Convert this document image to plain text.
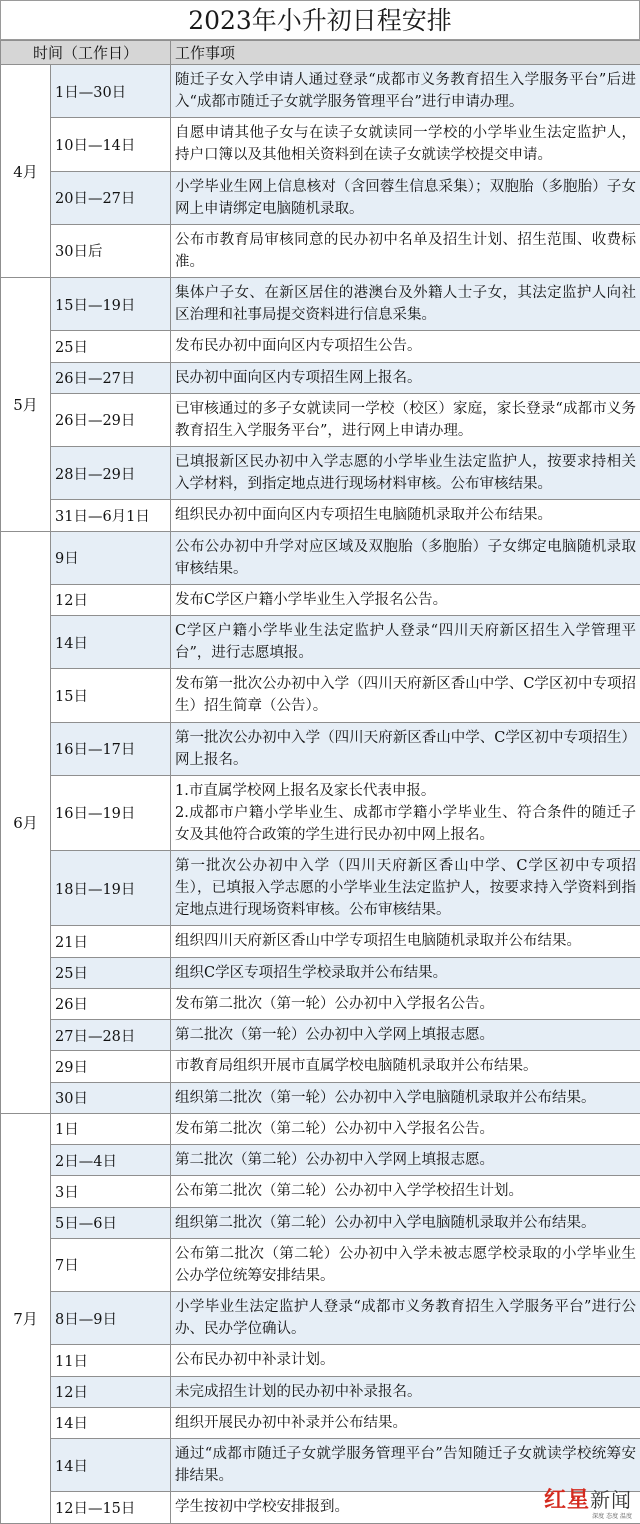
2023年小升初日程安排
时间（工作日）		工作事项
4月	1日—30日	随迁子女入学申请人通过登录“成都市义务教育招生入学服务平台”后进入“成都市随迁子女就学服务管理平台”进行申请办理。
	10日—14日	自愿申请其他子女与在读子女就读同一学校的小学毕业生法定监护人，持户口簿以及其他相关资料到在读子女就读学校提交申请。
	20日—27日	小学毕业生网上信息核对（含回蓉生信息采集）；双胞胎（多胞胎）子女网上申请绑定电脑随机录取。
	30日后	公布市教育局审核同意的民办初中名单及招生计划、招生范围、收费标准。
5月	15日—19日	集体户子女、在新区居住的港澳台及外籍人士子女，其法定监护人向社区治理和社事局提交资料进行信息采集。
	25日	发布民办初中面向区内专项招生公告。
	26日—27日	民办初中面向区内专项招生网上报名。
	26日—29日	已审核通过的多子女就读同一学校（校区）家庭，家长登录“成都市义务教育招生入学服务平台”，进行网上申请办理。
	28日—29日	已填报新区民办初中入学志愿的小学毕业生法定监护人，按要求持相关入学材料，到指定地点进行现场材料审核。公布审核结果。
	31日—6月1日	组织民办初中面向区内专项招生电脑随机录取并公布结果。
6月	9日	公布公办初中升学对应区域及双胞胎（多胞胎）子女绑定电脑随机录取审核结果。
	12日	发布C学区户籍小学毕业生入学报名公告。
	14日	C学区户籍小学毕业生法定监护人登录“四川天府新区招生入学管理平台”，进行志愿填报。
	15日	发布第一批次公办初中入学（四川天府新区香山中学、C学区初中专项招生）招生简章（公告）。
	16日—17日	第一批次公办初中入学（四川天府新区香山中学、C学区初中专项招生）网上报名。
	16日—19日	1.市直属学校网上报名及家长代表申报。
2.成都市户籍小学毕业生、成都市学籍小学毕业生、符合条件的随迁子女及其他符合政策的学生进行民办初中网上报名。
	18日—19日	第一批次公办初中入学（四川天府新区香山中学、C学区初中专项招生），已填报入学志愿的小学毕业生法定监护人，按要求持入学资料到指定地点进行现场资料审核。公布审核结果。
	21日	组织四川天府新区香山中学专项招生电脑随机录取并公布结果。
	25日	组织C学区专项招生学校录取并公布结果。
	26日	发布第二批次（第一轮）公办初中入学报名公告。
	27日—28日	第二批次（第一轮）公办初中入学网上填报志愿。
	29日	市教育局组织开展市直属学校电脑随机录取并公布结果。
	30日	组织第二批次（第一轮）公办初中入学电脑随机录取并公布结果。
7月	1日	发布第二批次（第二轮）公办初中入学报名公告。
	2日—4日	第二批次（第二轮）公办初中入学网上填报志愿。
	3日	公布第二批次（第二轮）公办初中入学学校招生计划。
	5日—6日	组织第二批次（第二轮）公办初中入学电脑随机录取并公布结果。
	7日	公布第二批次（第二轮）公办初中入学未被志愿学校录取的小学毕业生公办学位统筹安排结果。
	8日—9日	小学毕业生法定监护人登录“成都市义务教育招生入学服务平台”进行公办、民办学位确认。
	11日	公布民办初中补录计划。
	12日	未完成招生计划的民办初中补录报名。
	14日	组织开展民办初中补录并公布结果。
	14日	通过“成都市随迁子女就学服务管理平台”告知随迁子女就读学校统筹安排结果。
	12日—15日	学生按初中学校安排报到。	红星新闻
深度 态度 温度
